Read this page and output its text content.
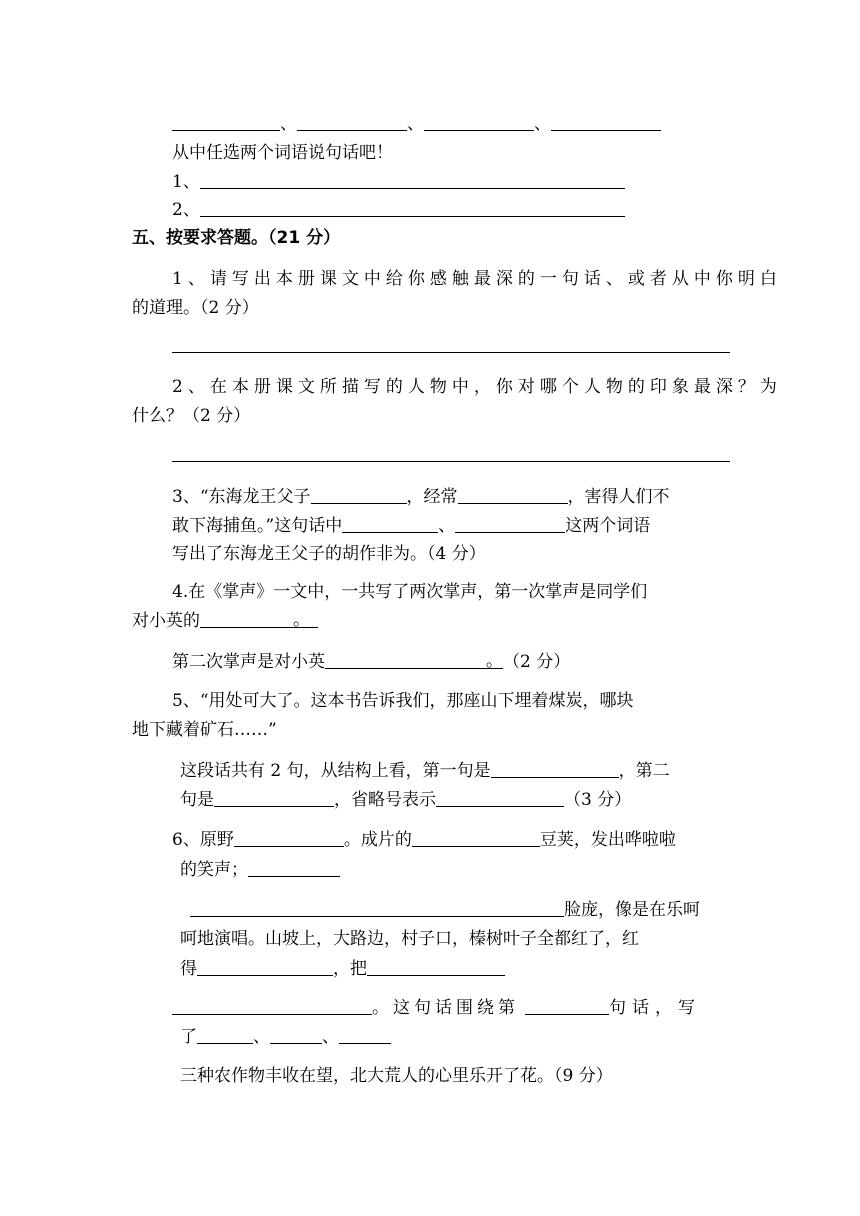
、	、	、
从中任选两个词语说句话吧！
1、
2、
五、按要求答题。（21 分）
1、请写出本册课文中给你感触最深的一句话、或者从中你明白
的道理。（2 分）
2、在本册课文所描写的人物中，你对哪个人物的印象最深？为
什么？（2 分）
3、“东海龙王父子	，经常	，害得人们不
敢下海捕鱼。”这句话中	、	这两个词语
写出了东海龙王父子的胡作非为。（4 分）
4.在《掌声》一文中，一共写了两次掌声，第一次掌声是同学们
对小英的	。
第二次掌声是对小英	。 （2 分）
5、“用处可大了。这本书告诉我们，那座山下埋着煤炭，哪块
地下藏着矿石……”
这段话共有 2 句，从结构上看，第一句是	，第二
句是	，省略号表示	（3 分）
6、原野	。成片的	豆荚，发出哗啦啦
的笑声；
脸庞，像是在乐呵
呵地演唱。山坡上，大路边，村子口，榛树叶子全都红了，红
得	，把
。这句话围绕第	句话，写
了	、	、
三种农作物丰收在望，北大荒人的心里乐开了花。（9 分）
